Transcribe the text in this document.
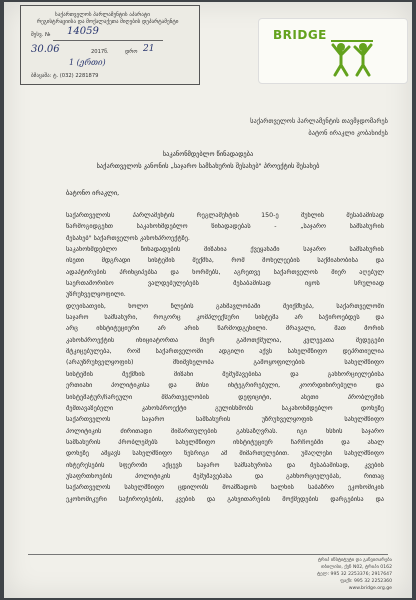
საქართველოს პარლამენტის აპარატი
რეგისტრაციისა და მოქალაქეთა მიღების დეპარტამენტი
შესვ. № 14059
30.06	2017წ.	დრო 21
1 (ერთი)
ბმაყაშა: ტ. (032) 2281879
BRIDGE
საქართველოს პარლამენტის თავმჯდომარეს
ბატონ ირაკლი კობახიძეს
საკანონმდებლო წინადადება
საქართველოს კანონის „საჯარო სამსახურის შესახებ" პროექტის შესახებ
ბატონო ირაკლი,
საქართველოს	პარლამენტის	რეგლამენტის	150-ე	მუხლის	შესაბამისად
წარმოგიდგენთ	საკანონმდებლო	წინადადებას	-	„საჯარო	სამსახურის
შესახებ" საქართველოს კანონპროექტზე.
საკანონმდებლო	წინადადების	მიზანია	ქვეყანაში	საჯარო	სამსახურის
ისეთი	მდგრადი	სისტემის	შექმნა,	რომ	მოხელეების	საქმიანობისა	და
ადაპტირების პრინციპებსა და ნორმებს, აგრეთვე საქართველოს მიერ აღებულ
საერთაშორისო	ვალდებულებებს	შესაბამისად	იყოს	სრულიად
უზრუნველყოფილი.
დღეისათვის,	ხოლო	წლების	განმავლობაში	შეიქმნება,	საქართველოში
საჯარო	სამსახური,	როგორც	კომპლექსური	სისტემა	არ	საჭიროებდეს	და
არც	ინსტიტუციური	არ	არის	წარმოდგენილი.	მრავალი,	მათ	შორის
კანონპროექტის	ინიციატორთა	მიერ	გამოთქმულია,	კვლევათა	შედეგები
მტკიცებულება, რომ საქართველოში ადგილი აქვს სახელმწიფო დეპრთიულია
(არაუზრუნველყოფის)	მნიშვნელობა	გამოყოფილების	სახელმწიფო
სისტემის	შექმნის	მიზანი	შემუშავებისა	და	განხორციელებისა
ერთიანი	პოლიტიკისა	და	მისი	ინტეგრირებული,	კოორდინირებული	და
სისტემატურ/ჩარეული	მმართველობის	დეფიციტი,	ასეთი	პრობლემის
შემთავაზებელი	კანონპროექტი	გულისხმობს	საკანონმდებლო	დონეზე
საქართველოს	საჯარო	სამსახურის	უზრუნველყოფის	სახელმწიფო
პოლიტიკის	ძირითადი	მიმართულების	განსაზღვრას.	იგი	ხსნის	საჯარო
სამსახურის	პრობლემებს	სახელმწიფო	ინსტიტუციურ	ჩარჩოებში	და	ახალ
დონეზე ამყავს სახელმწიფო წესრიგი ამ მიმართულებით. უმაღლესი სახელმწიფო
ინტერესების სფეროში აქცევს საჯარო სამსახურისა და შესაბამისად, კვების
უსაფრთხოების	პოლიტიკის	შემუშავებასა	და	განხორციელებას,	რითაც
საქართველოს სახელმწიფო ცდილობს მოამზადოს ხალხის საბაზრო ეკონომიკის
ეკონომიკური საჭიროებების, კვების და განვითარების მოქმედების დარგებისა და
ტრიპ ინსტიტუტი და განვითარება
თბილისი, ქუჩ N02, ტრიპი 0162
ტელ: 995 32 2253376; 2917647
ფაქს: 995 32 2252360
www.bridge.org.ge
